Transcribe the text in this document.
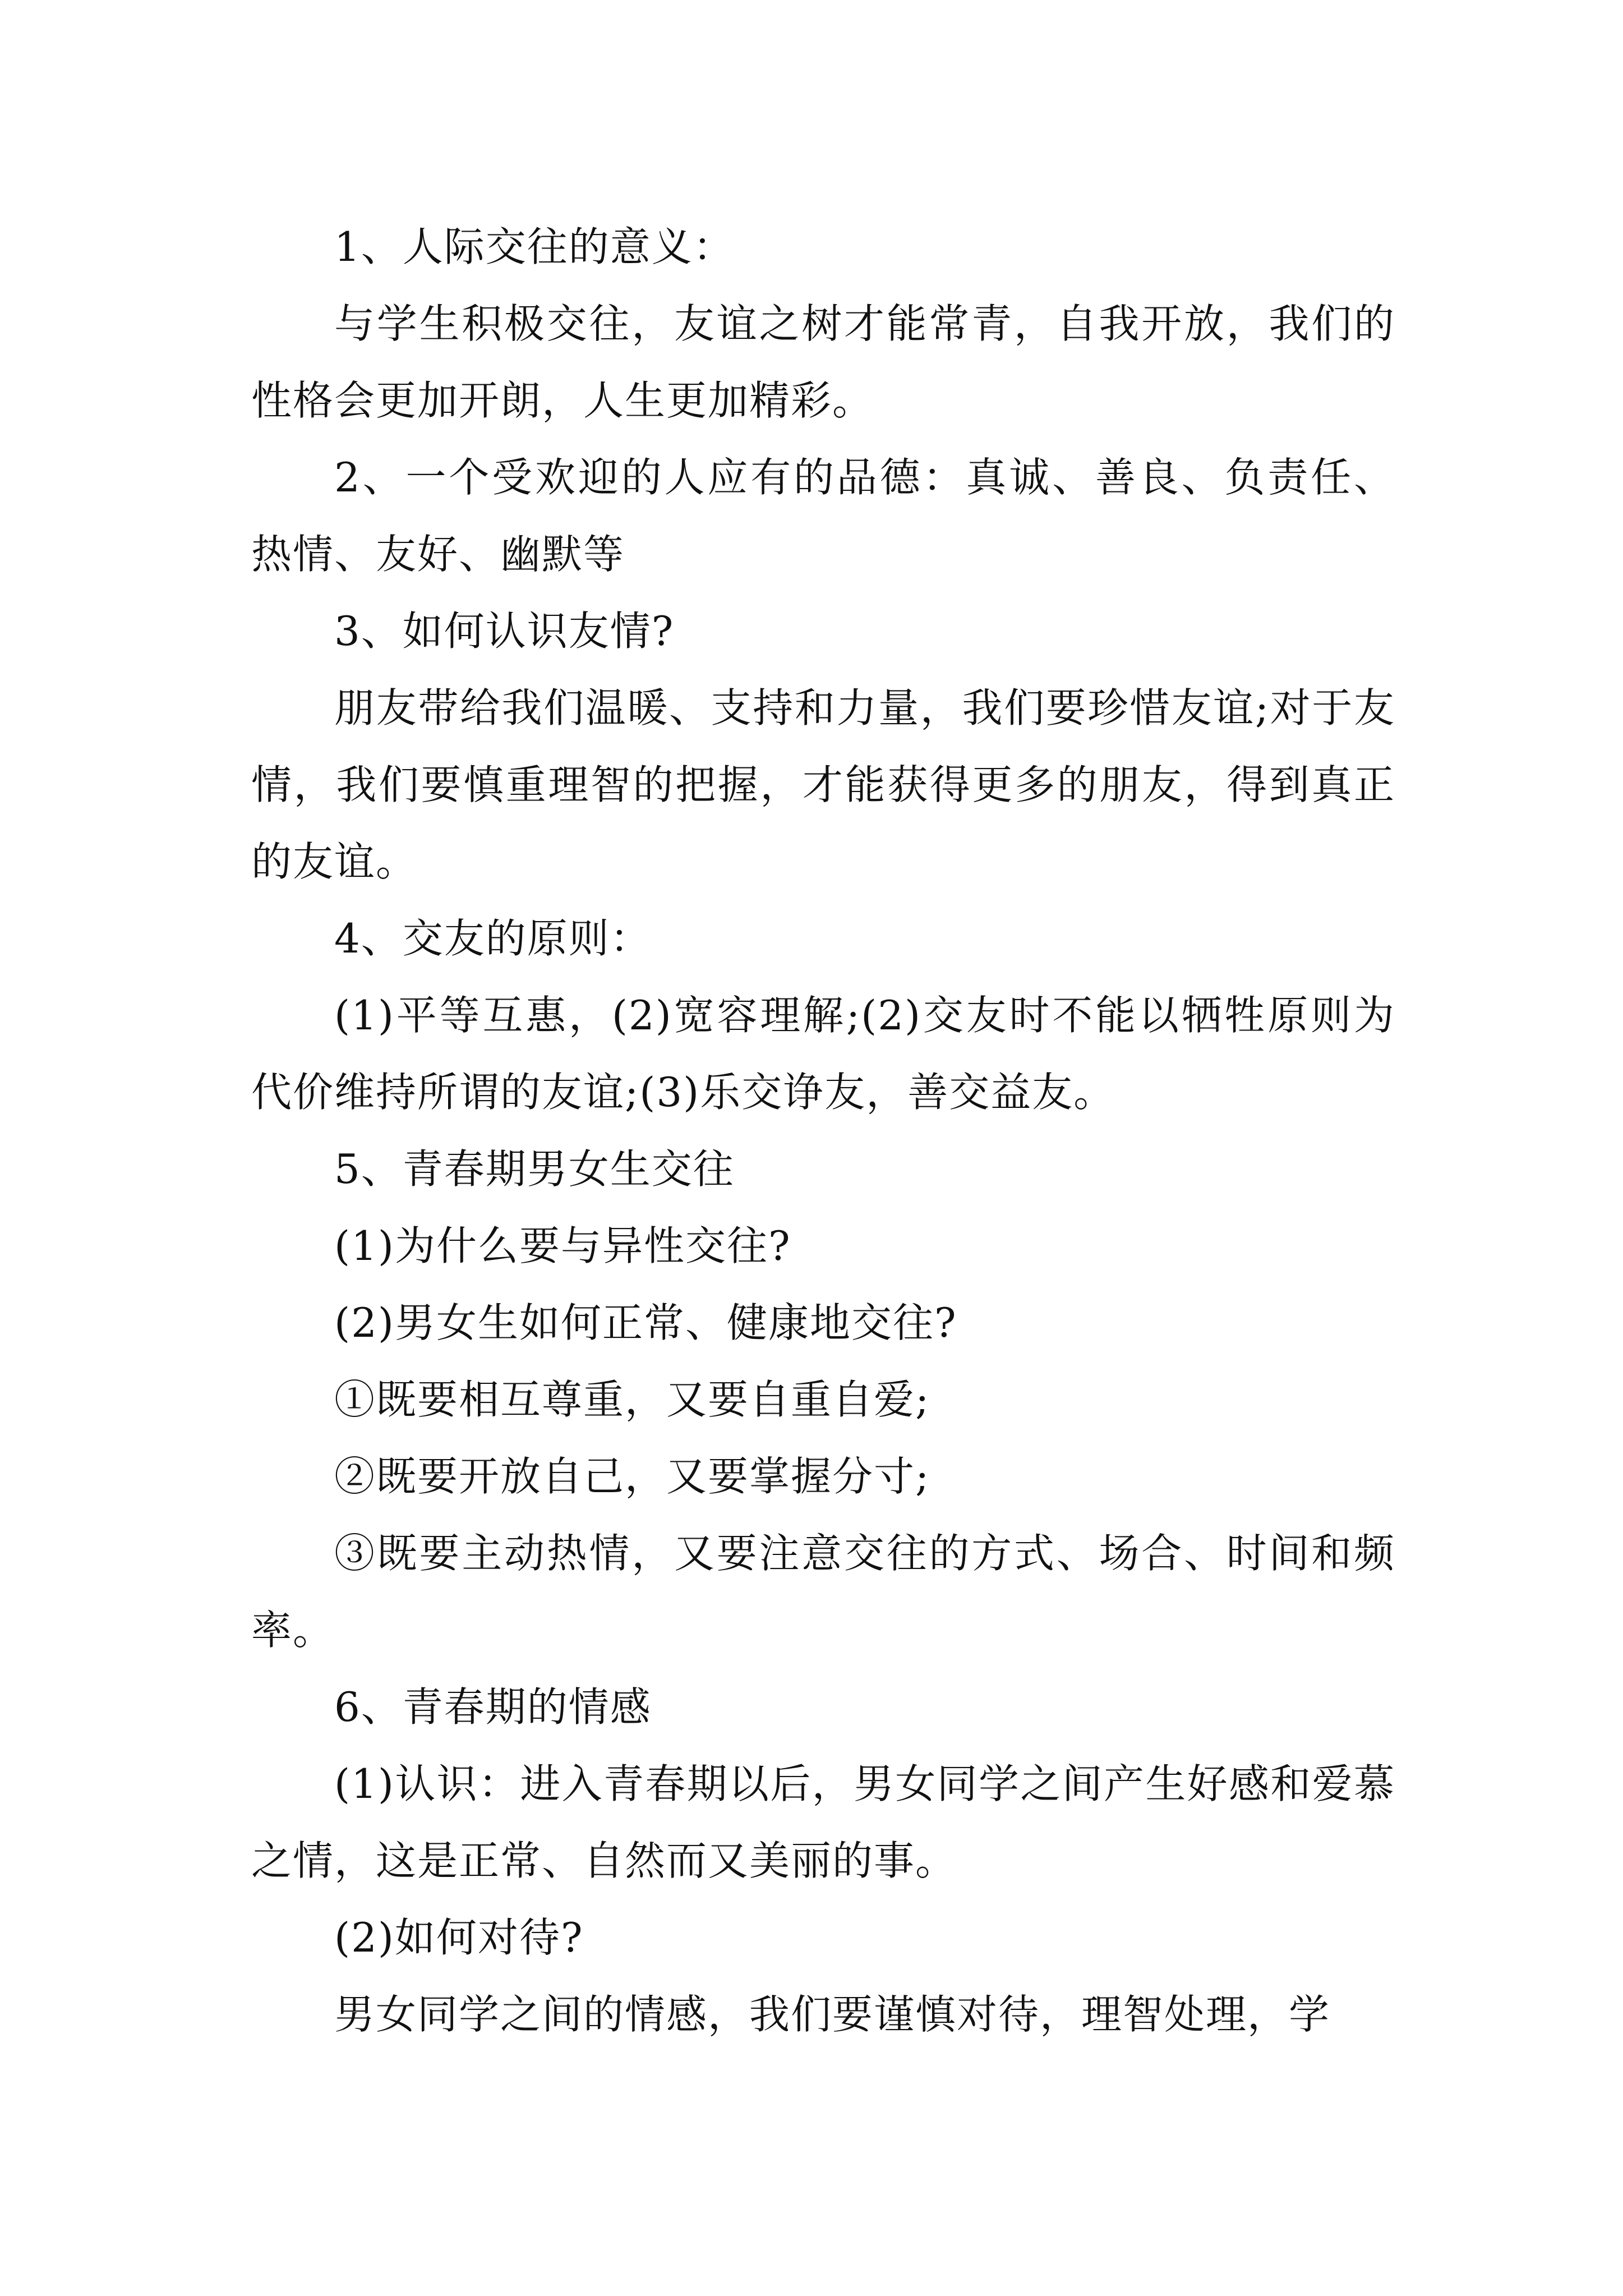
1、人际交往的意义：

与学生积极交往，友谊之树才能常青，自我开放，我们的性格会更加开朗，人生更加精彩。

2、一个受欢迎的人应有的品德：真诚、善良、负责任、热情、友好、幽默等

3、如何认识友情?

朋友带给我们温暖、支持和力量，我们要珍惜友谊;对于友情，我们要慎重理智的把握，才能获得更多的朋友，得到真正的友谊。

4、交友的原则：

(1)平等互惠，(2)宽容理解;(2)交友时不能以牺牲原则为代价维持所谓的友谊;(3)乐交诤友，善交益友。

5、青春期男女生交往

(1)为什么要与异性交往?

(2)男女生如何正常、健康地交往?

①既要相互尊重，又要自重自爱;

②既要开放自己，又要掌握分寸;

③既要主动热情，又要注意交往的方式、场合、时间和频率。

6、青春期的情感

(1)认识：进入青春期以后，男女同学之间产生好感和爱慕之情，这是正常、自然而又美丽的事。

(2)如何对待?

男女同学之间的情感，我们要谨慎对待，理智处理，学
